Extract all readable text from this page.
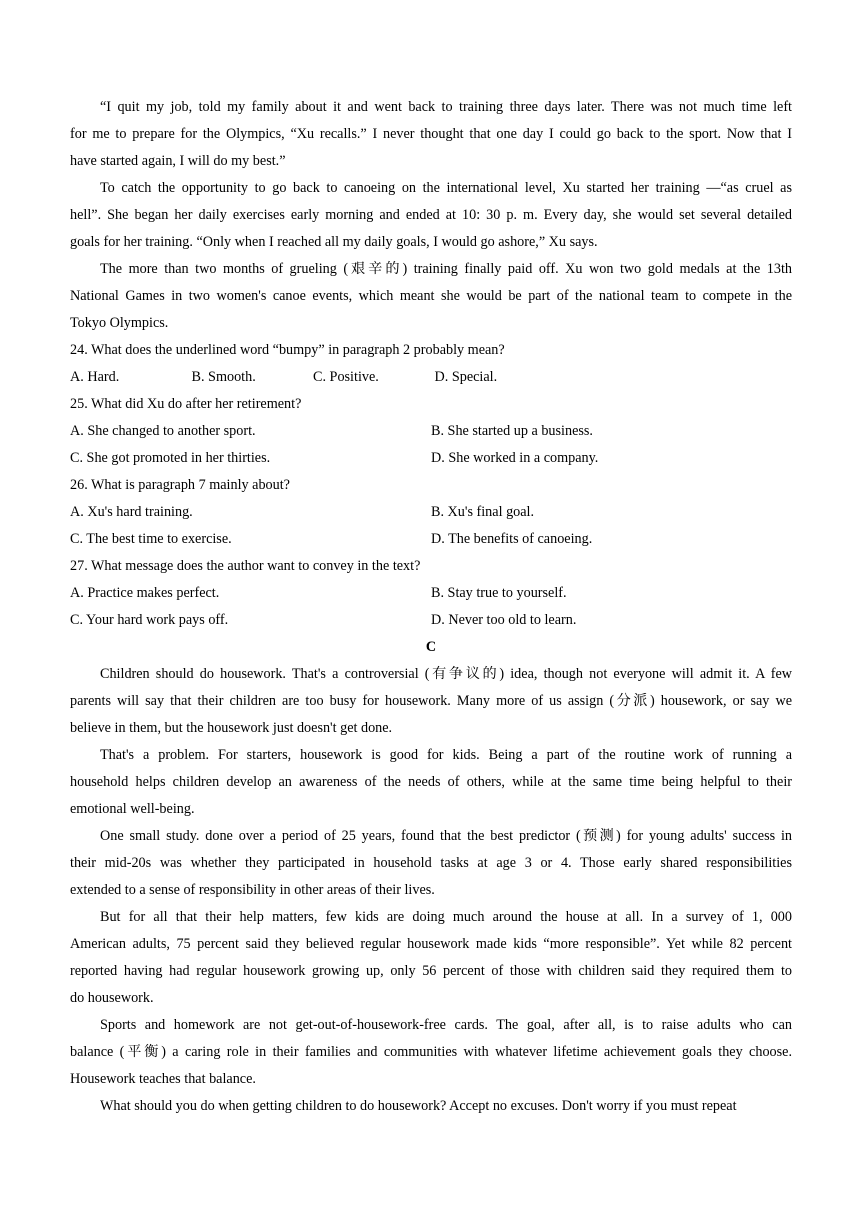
“I quit my job, told my family about it and went back to training three days later. There was not much time left
for me to prepare for the Olympics, “Xu recalls.” I never thought that one day I could go back to the sport. Now that I
have started again, I will do my best.”
To catch the opportunity to go back to canoeing on the international level, Xu started her training —“as cruel as
hell”. She began her daily exercises early morning and ended at 10: 30 p. m. Every day, she would set several detailed
goals for her training. “Only when I reached all my daily goals, I would go ashore,” Xu says.
The more than two months of grueling (艰辛的) training finally paid off. Xu won two gold medals at the 13th
National Games in two women's canoe events, which meant she would be part of the national team to compete in the
Tokyo Olympics.
24. What does the underlined word “bumpy” in paragraph 2 probably mean?
A. Hard.	B. Smooth.	C. Positive.	D. Special.
25. What did Xu do after her retirement?
A. She changed to another sport.	B. She started up a business.
C. She got promoted in her thirties.	D. She worked in a company.
26. What is paragraph 7 mainly about?
A. Xu's hard training.	B. Xu's final goal.
C. The best time to exercise.	D. The benefits of canoeing.
27. What message does the author want to convey in the text?
A. Practice makes perfect.	B. Stay true to yourself.
C. Your hard work pays off.	D. Never too old to learn.
C
Children should do housework. That's a controversial (有争议的) idea, though not everyone will admit it. A few
parents will say that their children are too busy for housework. Many more of us assign (分派) housework, or say we
believe in them, but the housework just doesn't get done.
That's a problem. For starters, housework is good for kids. Being a part of the routine work of running a
household helps children develop an awareness of the needs of others, while at the same time being helpful to their
emotional well-being.
One small study. done over a period of 25 years, found that the best predictor (预测) for young adults' success in
their mid-20s was whether they participated in household tasks at age 3 or 4. Those early shared responsibilities
extended to a sense of responsibility in other areas of their lives.
But for all that their help matters, few kids are doing much around the house at all. In a survey of 1, 000
American adults, 75 percent said they believed regular housework made kids “more responsible”. Yet while 82 percent
reported having had regular housework growing up, only 56 percent of those with children said they required them to
do housework.
Sports and homework are not get-out-of-housework-free cards. The goal, after all, is to raise adults who can
balance (平衡) a caring role in their families and communities with whatever lifetime achievement goals they choose.
Housework teaches that balance.
What should you do when getting children to do housework? Accept no excuses. Don't worry if you must repeat
